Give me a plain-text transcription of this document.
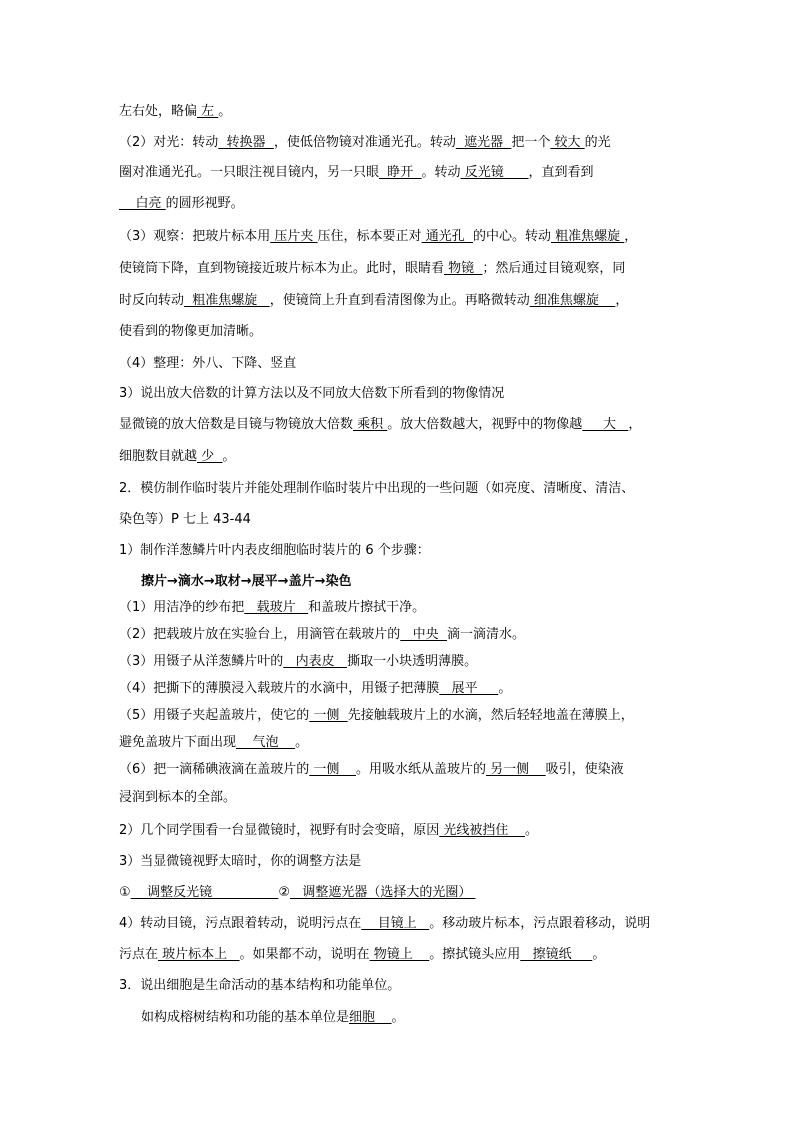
左右处，略偏 左 。
（2）对光：转动  转换器  ，使低倍物镜对准通光孔。转动  遮光器  把一个 较大 的光
圈对准通光孔。一只眼注视目镜内，另一只眼  睁开  。转动 反光镜      ，直到看到
白亮 的圆形视野。
（3）观察：把玻片标本用 压片夹 压住，标本要正对 通光孔  的中心。转动 粗准焦螺旋 ，
使镜筒下降，直到物镜接近玻片标本为止。此时，眼睛看 物镜  ；然后通过目镜观察，同
时反向转动  粗准焦螺旋   ，使镜筒上升直到看清图像为止。再略微转动 细准焦螺旋    ，
使看到的物像更加清晰。
（4）整理：外八、下降、竖直
3）说出放大倍数的计算方法以及不同放大倍数下所看到的物像情况
显微镜的放大倍数是目镜与物镜放大倍数 乘积 。放大倍数越大，视野中的物像越     大   ，
细胞数目就越 少  。
2．模仿制作临时装片并能处理制作临时装片中出现的一些问题（如亮度、清晰度、清洁、
染色等）P 七上 43-44
1）制作洋葱鳞片叶内表皮细胞临时装片的 6 个步骤：
擦片→滴水→取材→展平→盖片→染色
（1）用洁净的纱布把   载玻片   和盖玻片擦拭干净。
（2）把载玻片放在实验台上，用滴管在载玻片的   中央  滴一滴清水。
（3）用镊子从洋葱鳞片叶的   内表皮   撕取一小块透明薄膜。
（4）把撕下的薄膜浸入载玻片的水滴中，用镊子把薄膜   展平     。
（5）用镊子夹起盖玻片，使它的 一侧  先接触载玻片上的水滴，然后轻轻地盖在薄膜上，
避免盖玻片下面出现    气泡    。
（6）把一滴稀碘液滴在盖玻片的 一侧    。用吸水纸从盖玻片的 另一侧    吸引，使染液
浸润到标本的全部。
2）几个同学围看一台显微镜时，视野有时会变暗，原因 光线被挡住    。
3）当显微镜视野太暗时，你的调整方法是
①    调整反光镜                ②   调整遮光器（选择大的光圈）
4）转动目镜，污点跟着转动，说明污点在    目镜上   。移动玻片标本，污点跟着移动，说明
污点在 玻片标本上   。如果都不动，说明在 物镜上    。擦拭镜头应用   擦镜纸     。
3．说出细胞是生命活动的基本结构和功能单位。
如构成榕树结构和功能的基本单位是细胞    。
